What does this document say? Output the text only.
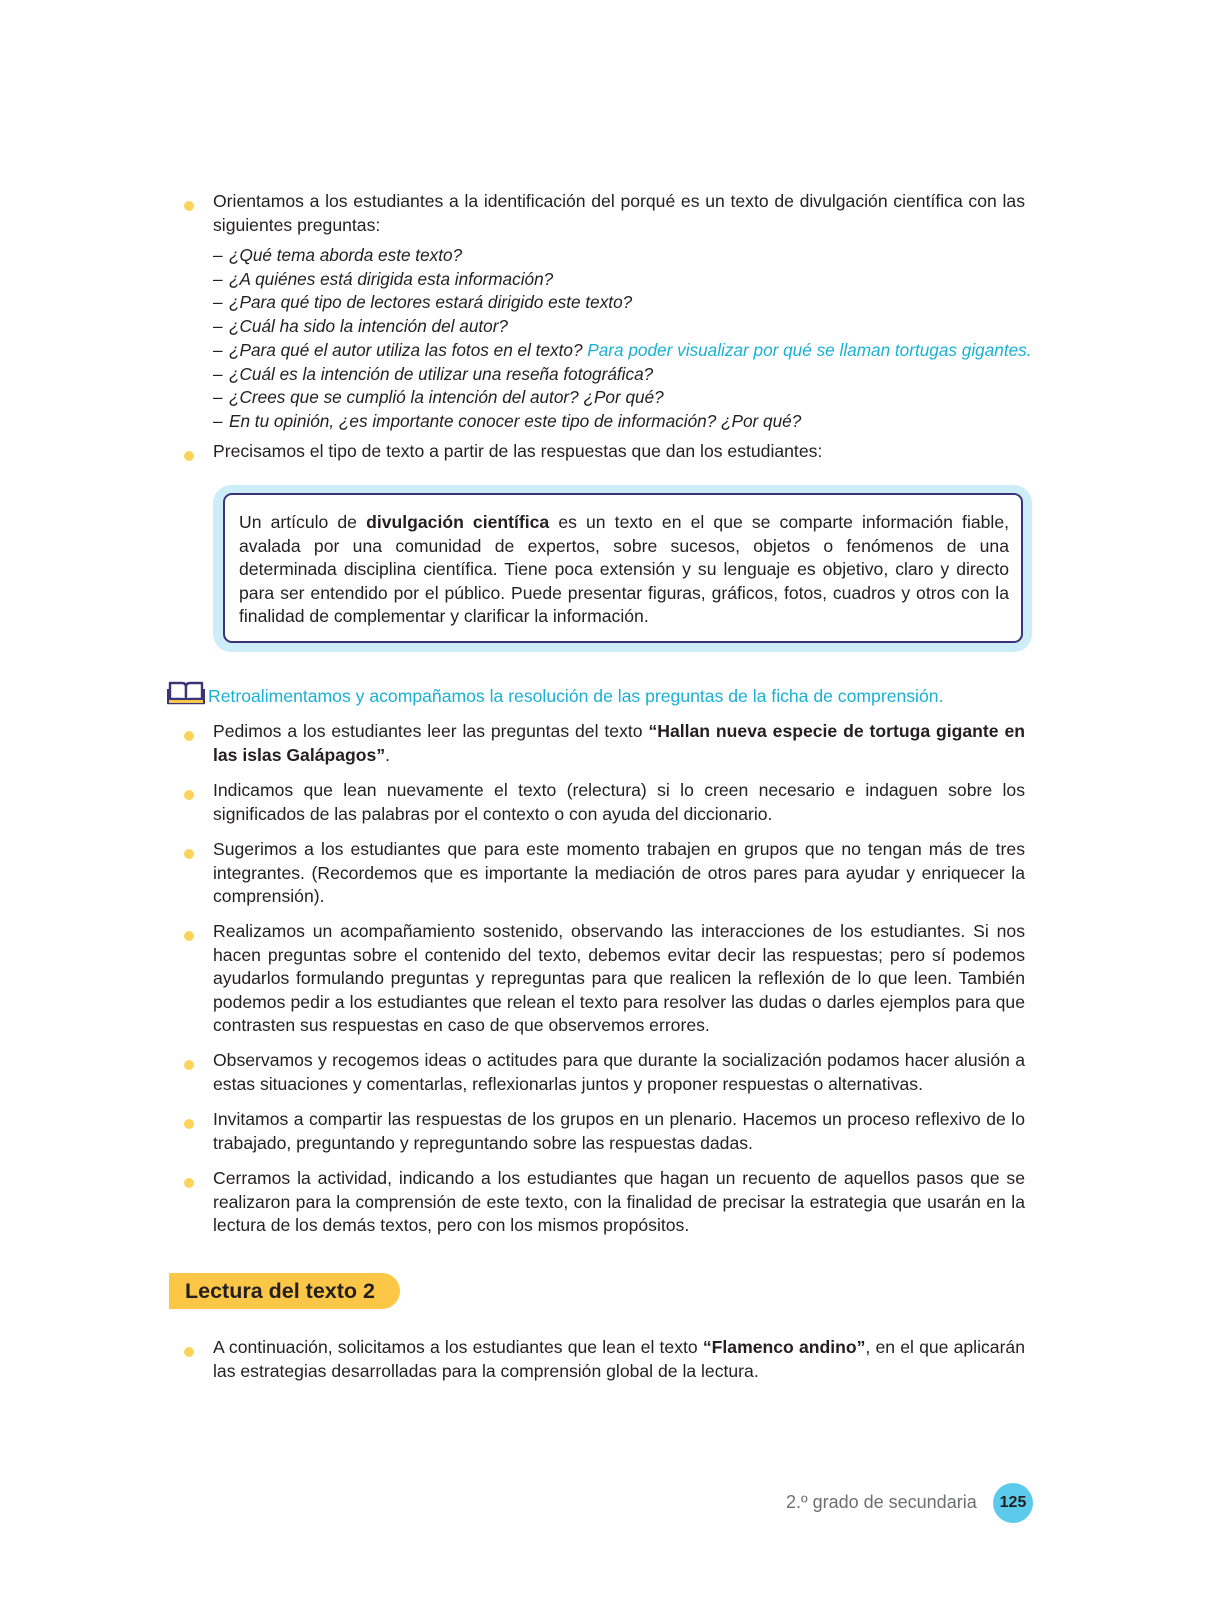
Orientamos a los estudiantes a la identificación del porqué es un texto de divulgación científica con las siguientes preguntas:

– ¿Qué tema aborda este texto?
– ¿A quiénes está dirigida esta información?
– ¿Para qué tipo de lectores estará dirigido este texto?
– ¿Cuál ha sido la intención del autor?
– ¿Para qué el autor utiliza las fotos en el texto? Para poder visualizar por qué se llaman tortugas gigantes.
– ¿Cuál es la intención de utilizar una reseña fotográfica?
– ¿Crees que se cumplió la intención del autor? ¿Por qué?
– En tu opinión, ¿es importante conocer este tipo de información? ¿Por qué?

Precisamos el tipo de texto a partir de las respuestas que dan los estudiantes:

Un artículo de divulgación científica es un texto en el que se comparte información fiable, avalada por una comunidad de expertos, sobre sucesos, objetos o fenómenos de una determinada disciplina científica. Tiene poca extensión y su lenguaje es objetivo, claro y directo para ser entendido por el público. Puede presentar figuras, gráficos, fotos, cuadros y otros con la finalidad de complementar y clarificar la información.

Retroalimentamos y acompañamos la resolución de las preguntas de la ficha de comprensión.

Pedimos a los estudiantes leer las preguntas del texto “Hallan nueva especie de tortuga gigante en las islas Galápagos”.

Indicamos que lean nuevamente el texto (relectura) si lo creen necesario e indaguen sobre los significados de las palabras por el contexto o con ayuda del diccionario.

Sugerimos a los estudiantes que para este momento trabajen en grupos que no tengan más de tres integrantes. (Recordemos que es importante la mediación de otros pares para ayudar y enriquecer la comprensión).

Realizamos un acompañamiento sostenido, observando las interacciones de los estudiantes. Si nos hacen preguntas sobre el contenido del texto, debemos evitar decir las respuestas; pero sí podemos ayudarlos formulando preguntas y repreguntas para que realicen la reflexión de lo que leen. También podemos pedir a los estudiantes que relean el texto para resolver las dudas o darles ejemplos para que contrasten sus respuestas en caso de que observemos errores.

Observamos y recogemos ideas o actitudes para que durante la socialización podamos hacer alusión a estas situaciones y comentarlas, reflexionarlas juntos y proponer respuestas o alternativas.

Invitamos a compartir las respuestas de los grupos en un plenario. Hacemos un proceso reflexivo de lo trabajado, preguntando y repreguntando sobre las respuestas dadas.

Cerramos la actividad, indicando a los estudiantes que hagan un recuento de aquellos pasos que se realizaron para la comprensión de este texto, con la finalidad de precisar la estrategia que usarán en la lectura de los demás textos, pero con los mismos propósitos.

Lectura del texto 2

A continuación, solicitamos a los estudiantes que lean el texto “Flamenco andino”, en el que aplicarán las estrategias desarrolladas para la comprensión global de la lectura.

2.º grado de secundaria	125
